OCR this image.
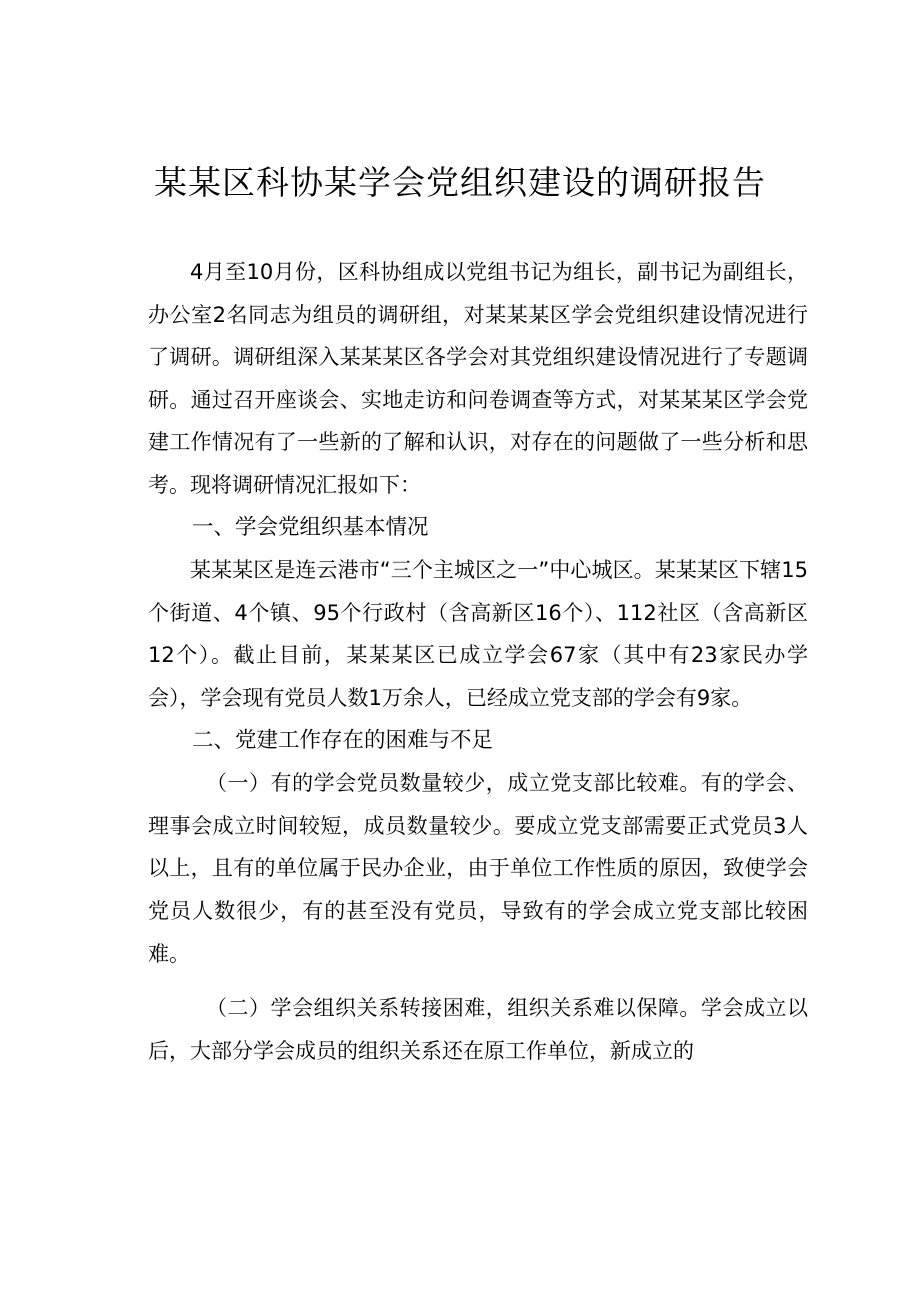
某某区科协某学会党组织建设的调研报告

4月至10月份，区科协组成以党组书记为组长，副书记为副组长，办公室2名同志为组员的调研组，对某某某区学会党组织建设情况进行了调研。调研组深入某某某区各学会对其党组织建设情况进行了专题调研。通过召开座谈会、实地走访和问卷调查等方式，对某某某区学会党建工作情况有了一些新的了解和认识，对存在的问题做了一些分析和思考。现将调研情况汇报如下：

一、学会党组织基本情况

某某某区是连云港市“三个主城区之一”中心城区。某某某区下辖15个街道、4个镇、95个行政村（含高新区16个）、112社区（含高新区12个）。截止目前，某某某区已成立学会67家（其中有23家民办学会），学会现有党员人数1万余人，已经成立党支部的学会有9家。

二、党建工作存在的困难与不足

（一）有的学会党员数量较少，成立党支部比较难。有的学会、理事会成立时间较短，成员数量较少。要成立党支部需要正式党员3人以上，且有的单位属于民办企业，由于单位工作性质的原因，致使学会党员人数很少，有的甚至没有党员，导致有的学会成立党支部比较困难。

（二）学会组织关系转接困难，组织关系难以保障。学会成立以后，大部分学会成员的组织关系还在原工作单位，新成立的
